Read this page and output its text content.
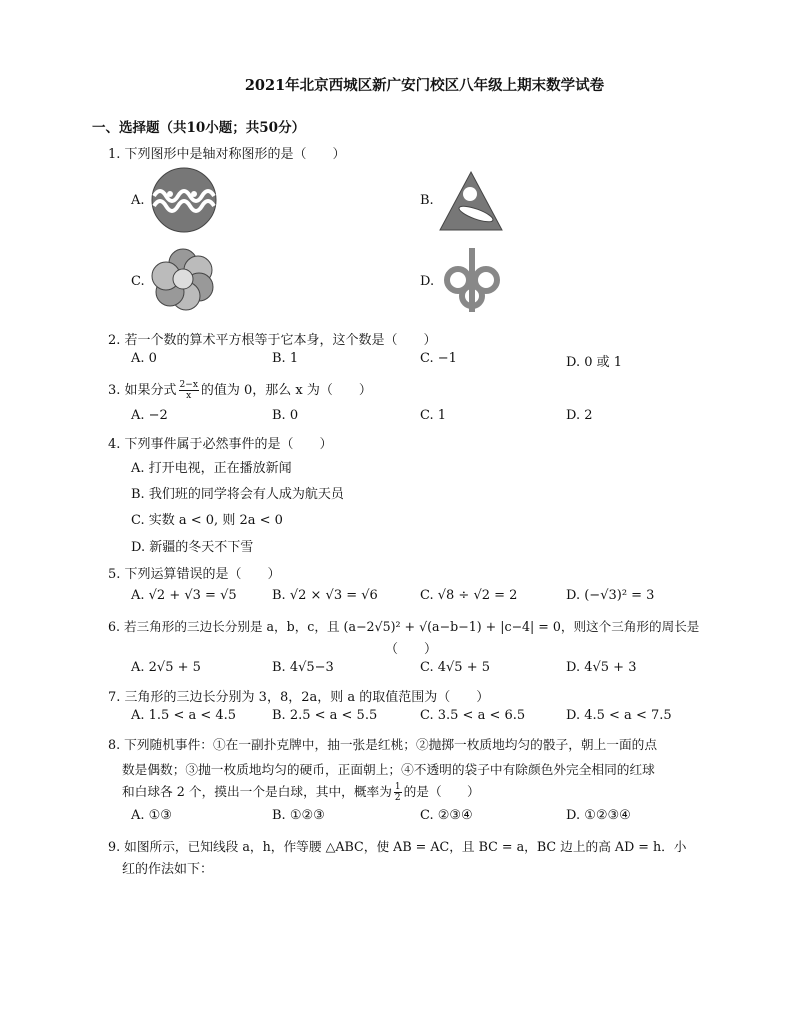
2021年北京西城区新广安门校区八年级上期末数学试卷
一、选择题（共10小题；共50分）
1. 下列图形中是轴对称图形的是（　　）
A.	B.
C.	D.
2. 若一个数的算术平方根等于它本身，这个数是（　　）
A. 0	B. 1	C. −1	D. 0 或 1
3. 如果分式 $\frac{2-x}{x}$ 的值为 0，那么 x 为（　　）
A. −2	B. 0	C. 1	D. 2
4. 下列事件属于必然事件的是（　　）
A. 打开电视，正在播放新闻
B. 我们班的同学将会有人成为航天员
C. 实数 a < 0, 则 2a < 0
D. 新疆的冬天不下雪
5. 下列运算错误的是（　　）
A. √2 + √3 = √5	B. √2 × √3 = √6	C. √8 ÷ √2 = 2	D. (−√3)² = 3
6. 若三角形的三边长分别是 a，b，c，且 (a−2√5)² + √(a−b−1) + |c−4| = 0，则这个三角形的周长是
（　　）
A. 2√5 + 5	B. 4√5−3	C. 4√5 + 5	D. 4√5 + 3
7. 三角形的三边长分别为 3，8，2a，则 a 的取值范围为（　　）
A. 1.5 < a < 4.5	B. 2.5 < a < 5.5	C. 3.5 < a < 6.5	D. 4.5 < a < 7.5
8. 下列随机事件：①在一副扑克牌中，抽一张是红桃；②抛掷一枚质地均匀的骰子，朝上一面的点
数是偶数；③抛一枚质地均匀的硬币，正面朝上；④不透明的袋子中有除颜色外完全相同的红球
和白球各 2 个，摸出一个是白球，其中，概率为 $\frac{1}{2}$ 的是（　　）
A. ①③	B. ①②③	C. ②③④	D. ①②③④
9. 如图所示，已知线段 a，h，作等腰 △ABC，使 AB = AC，且 BC = a，BC 边上的高 AD = h．小
红的作法如下：
